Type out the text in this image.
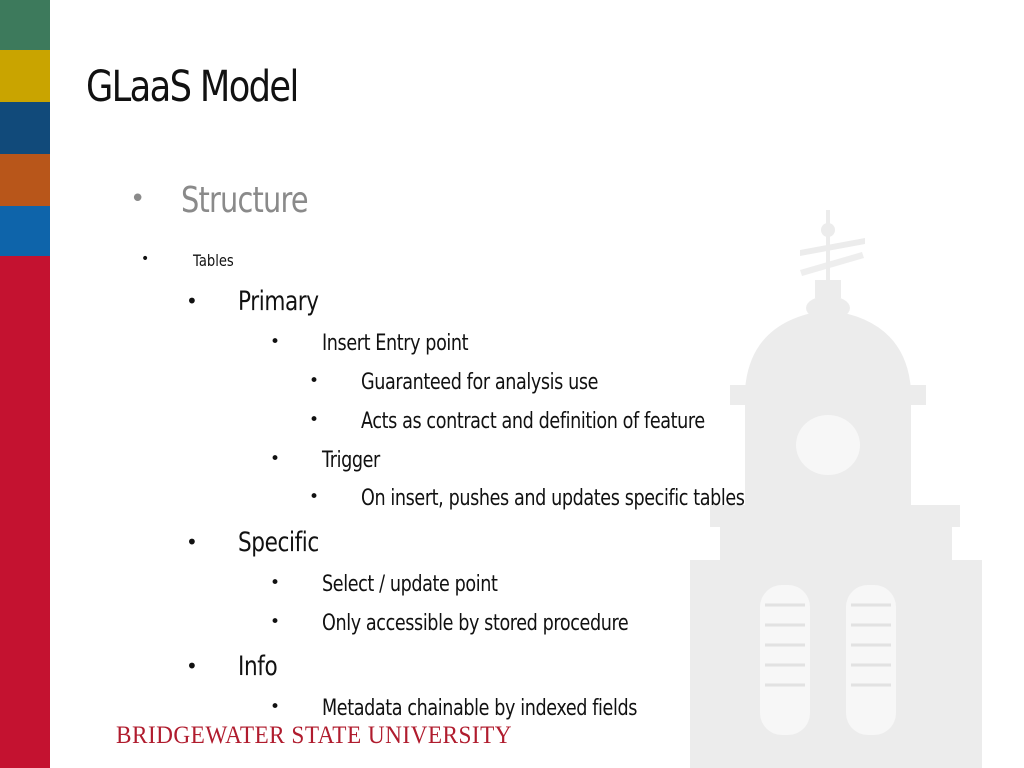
GLaaS Model
• Structure
•	Tables
• Primary
• Insert Entry point
• Guaranteed for analysis use
• Acts as contract and definition of feature
• Trigger
• On insert, pushes and updates specific tables
• Specific
• Select / update point
• Only accessible by stored procedure
• Info
• Metadata chainable by indexed fields
BRIDGEWATER STATE UNIVERSITY
